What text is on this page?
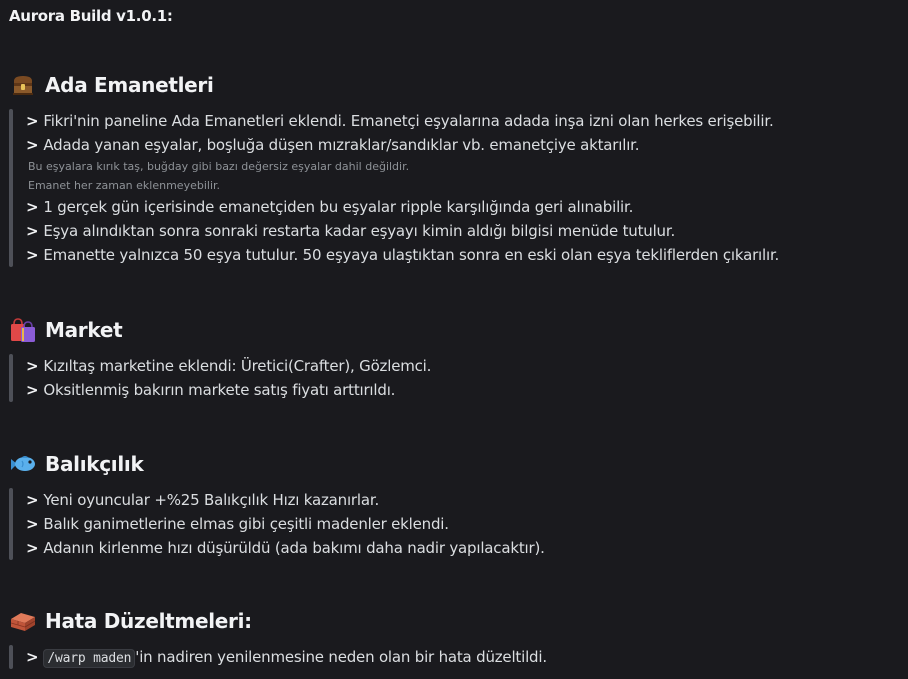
Aurora Build v1.0.1:
Ada Emanetleri
> Fikri'nin paneline Ada Emanetleri eklendi. Emanetçi eşyalarına adada inşa izni olan herkes erişebilir.
> Adada yanan eşyalar, boşluğa düşen mızraklar/sandıklar vb. emanetçiye aktarılır.
Bu eşyalara kırık taş, buğday gibi bazı değersiz eşyalar dahil değildir.
Emanet her zaman eklenmeyebilir.
> 1 gerçek gün içerisinde emanetçiden bu eşyalar ripple karşılığında geri alınabilir.
> Eşya alındıktan sonra sonraki restarta kadar eşyayı kimin aldığı bilgisi menüde tutulur.
> Emanette yalnızca 50 eşya tutulur. 50 eşyaya ulaştıktan sonra en eski olan eşya tekliflerden çıkarılır.
Market
> Kızıltaş marketine eklendi: Üretici(Crafter), Gözlemci.
> Oksitlenmiş bakırın markete satış fiyatı arttırıldı.
Balıkçılık
> Yeni oyuncular +%25 Balıkçılık Hızı kazanırlar.
> Balık ganimetlerine elmas gibi çeşitli madenler eklendi.
> Adanın kirlenme hızı düşürüldü (ada bakımı daha nadir yapılacaktır).
Hata Düzeltmeleri:
> /warp maden 'in nadiren yenilenmesine neden olan bir hata düzeltildi.
